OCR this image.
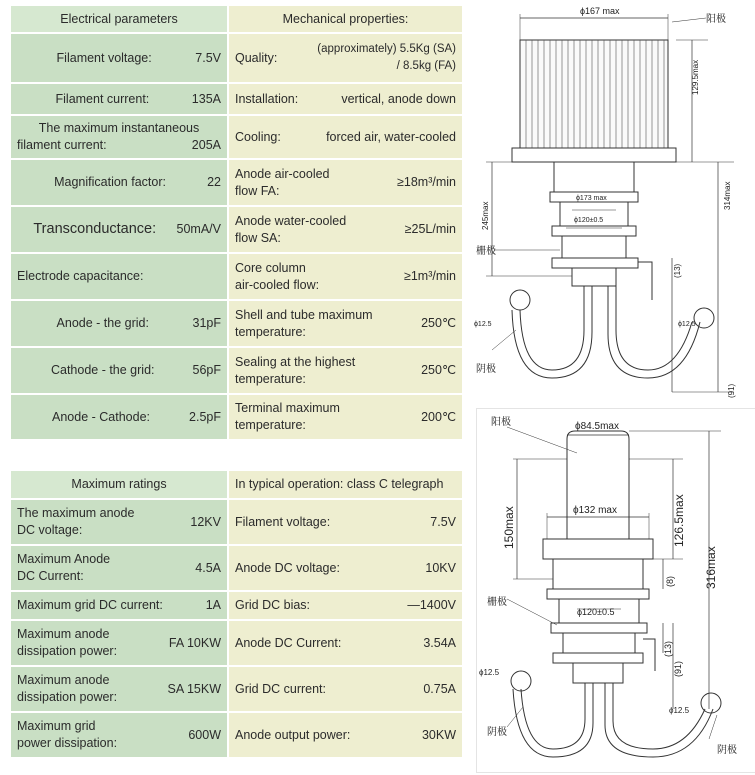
Electrical parameters	Mechanical properties:

Filament voltage: 7.5V	Quality:
(approximately) 5.5Kg (SA)
/ 8.5kg (FA)

Filament current: 135A	Installation: vertical, anode down

The maximum instantaneous
filament current: 205A	Cooling: forced air, water-cooled

Magnification factor: 22	Anode air-cooled
flow FA:
≥18m³/min

Transconductance: 50mA/V	Anode water-cooled
flow SA:
≥25L/min

Electrode capacitance:	Core column
air-cooled flow:
≥1m³/min

Anode - the grid: 31pF	Shell and tube maximum
temperature:
250℃

Cathode - the grid: 56pF	Sealing at the highest
temperature:
250℃

Anode - Cathode: 2.5pF	Terminal maximum
temperature:
200℃
Maximum ratings	In typical operation: class C telegraph

The maximum anode
DC voltage:
12KV	Filament voltage: 7.5V

Maximum Anode
DC Current:
4.5A	Anode DC voltage: 10KV

Maximum grid DC current: 1A	Grid DC bias: —1400V

Maximum anode
dissipation power:
FA 10KW	Anode DC Current: 3.54A

Maximum anode
dissipation power:
SA 15KW	Grid DC current: 0.75A

Maximum grid
power dissipation:
600W	Anode output power: 30KW
ϕ167 max
阳极
129.5max
245max
314max
ϕ173 max
ϕ120±0.5
栅极
(13)
(91)
ϕ12.5	ϕ12.5
阴极
ϕ84.5max
阳极
ϕ132 max
150max	126.5max
316max
(8)
ϕ120±0.5
栅极
(13)
(91)
ϕ12.5
ϕ12.5
阴极
阴极
